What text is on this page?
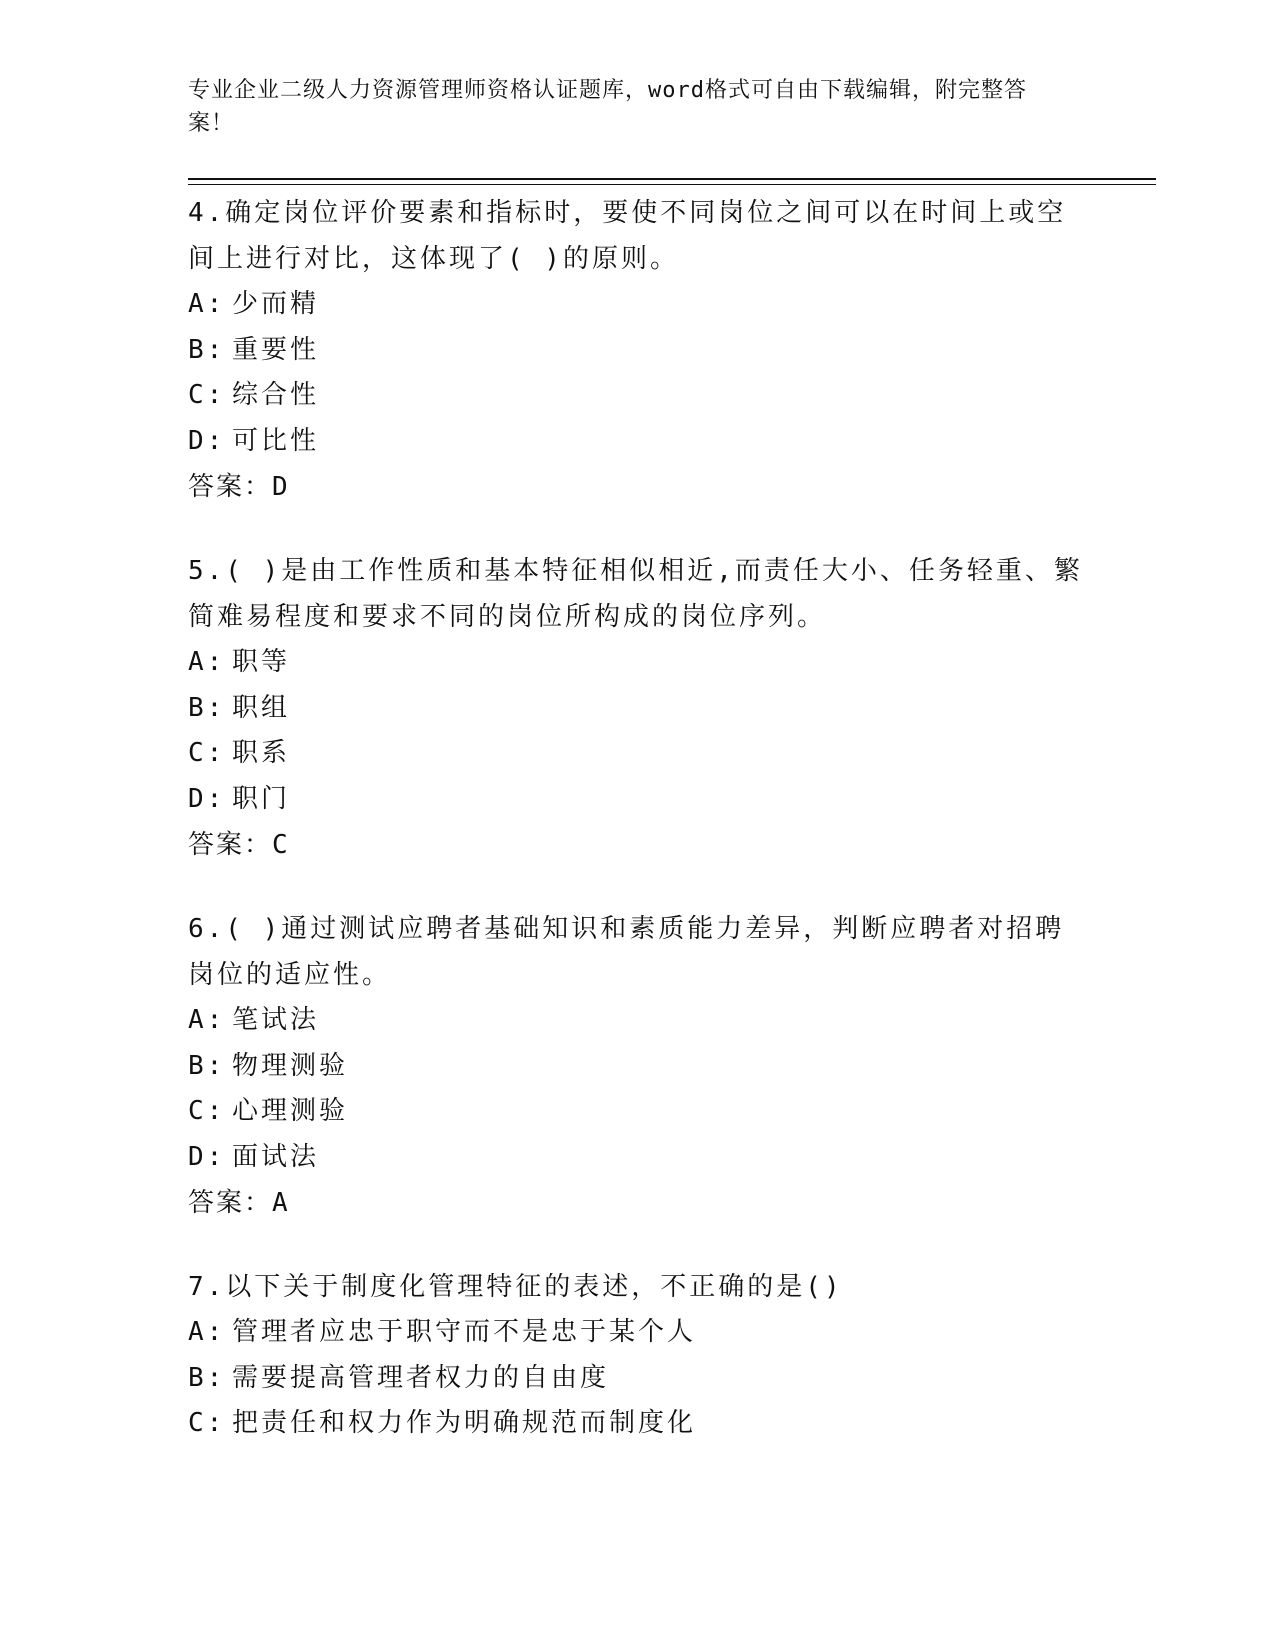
专业企业二级人力资源管理师资格认证题库，word格式可自由下载编辑，附完整答案！

4.确定岗位评价要素和指标时，要使不同岗位之间可以在时间上或空间上进行对比，这体现了( )的原则。

A: 少而精
B: 重要性
C: 综合性
D: 可比性
答案：D

5.( )是由工作性质和基本特征相似相近,而责任大小、任务轻重、繁简难易程度和要求不同的岗位所构成的岗位序列。

A: 职等
B: 职组
C: 职系
D: 职门
答案：C

6.( )通过测试应聘者基础知识和素质能力差异，判断应聘者对招聘岗位的适应性。

A: 笔试法
B: 物理测验
C: 心理测验
D: 面试法
答案：A

7.以下关于制度化管理特征的表述，不正确的是()

A: 管理者应忠于职守而不是忠于某个人
B: 需要提高管理者权力的自由度
C: 把责任和权力作为明确规范而制度化
